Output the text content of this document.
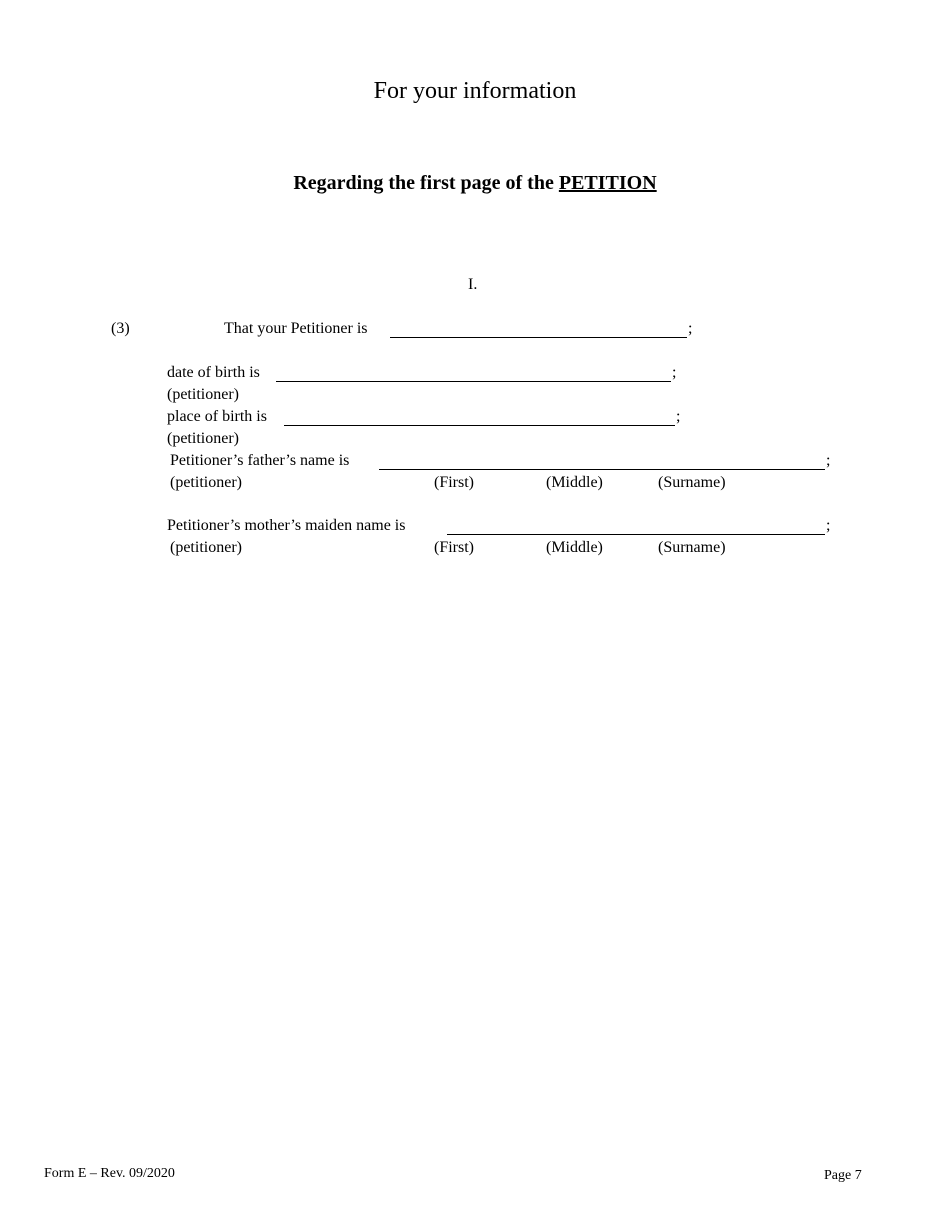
For your information
Regarding the first page of the PETITION
I.
(3)	That your Petitioner is	;
date of birth is	;
(petitioner)
place of birth is	;
(petitioner)
Petitioner’s father’s name is	;
(petitioner)	(First)	(Middle)	(Surname)
Petitioner’s mother’s maiden name is	;
(petitioner)	(First)	(Middle)	(Surname)
Form E – Rev. 09/2020	Page 7
